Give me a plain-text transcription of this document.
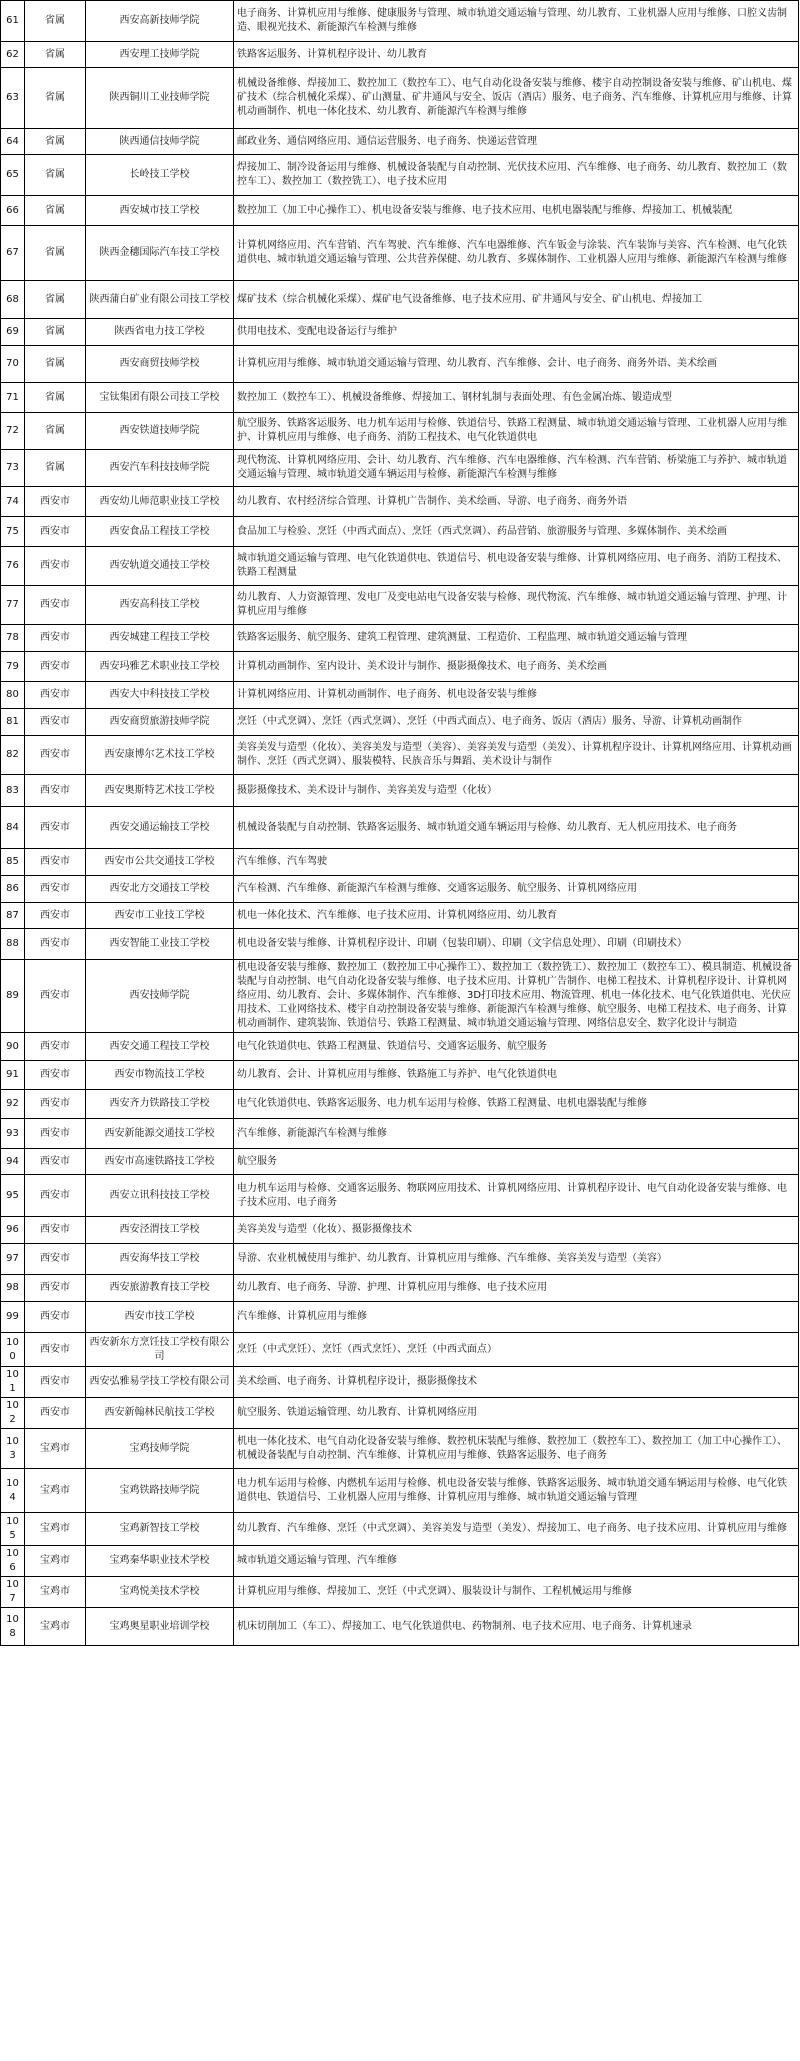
61	省属	西安高新技师学院	电子商务、计算机应用与维修、健康服务与管理、城市轨道交通运输与管理、幼儿教育、工业机器人应用与维修、口腔义齿制造、眼视光技术、新能源汽车检测与维修
62	省属	西安理工技师学院	铁路客运服务、计算机程序设计、幼儿教育
63	省属	陕西铜川工业技师学院	机械设备维修、焊接加工、数控加工（数控车工）、电气自动化设备安装与维修、楼宇自动控制设备安装与维修、矿山机电、煤矿技术（综合机械化采煤）、矿山测量、矿井通风与安全、饭店（酒店）服务、电子商务、汽车维修、计算机应用与维修、计算机动画制作、机电一体化技术、幼儿教育、新能源汽车检测与维修
64	省属	陕西通信技师学院	邮政业务、通信网络应用、通信运营服务、电子商务、快递运营管理
65	省属	长岭技工学校	焊接加工、制冷设备运用与维修、机械设备装配与自动控制、光伏技术应用、汽车维修、电子商务、幼儿教育、数控加工（数控车工）、数控加工（数控铣工）、电子技术应用
66	省属	西安城市技工学校	数控加工（加工中心操作工）、机电设备安装与维修、电子技术应用、电机电器装配与维修、焊接加工、机械装配
67	省属	陕西金穗国际汽车技工学校	计算机网络应用、汽车营销、汽车驾驶、汽车维修、汽车电器维修、汽车钣金与涂装、汽车装饰与美容、汽车检测、电气化铁道供电、城市轨道交通运输与管理、公共营养保健、幼儿教育、多媒体制作、工业机器人应用与维修、新能源汽车检测与维修
68	省属	陕西蒲白矿业有限公司技工学校	煤矿技术（综合机械化采煤）、煤矿电气设备维修、电子技术应用、矿井通风与安全、矿山机电、焊接加工
69	省属	陕西省电力技工学校	供用电技术、变配电设备运行与维护
70	省属	西安商贸技师学校	计算机应用与维修、城市轨道交通运输与管理、幼儿教育、汽车维修、会计、电子商务、商务外语、美术绘画
71	省属	宝钛集团有限公司技工学校	数控加工（数控车工）、机械设备维修、焊接加工、钢材轧制与表面处理、有色金属冶炼、锻造成型
72	省属	西安铁道技师学院	航空服务、铁路客运服务、电力机车运用与检修、铁道信号、铁路工程测量、城市轨道交通运输与管理、工业机器人应用与维护、计算机应用与维修、电子商务、消防工程技术、电气化铁道供电
73	省属	西安汽车科技技师学院	现代物流、计算机网络应用、会计、幼儿教育、汽车维修、汽车电器维修、汽车检测、汽车营销、桥梁施工与养护、城市轨道交通运输与管理、城市轨道交通车辆运用与检修、新能源汽车检测与维修
74	西安市	西安幼儿师范职业技工学校	幼儿教育、农村经济综合管理、计算机广告制作、美术绘画、导游、电子商务、商务外语
75	西安市	西安食品工程技工学校	食品加工与检验、烹饪（中西式面点）、烹饪（西式烹调）、药品营销、旅游服务与管理、多媒体制作、美术绘画
76	西安市	西安轨道交通技工学校	城市轨道交通运输与管理、电气化铁道供电、铁道信号、机电设备安装与维修、计算机网络应用、电子商务、消防工程技术、铁路工程测量
77	西安市	西安高科技工学校	幼儿教育、人力资源管理、发电厂及变电站电气设备安装与检修、现代物流、汽车维修、城市轨道交通运输与管理、护理、计算机应用与维修
78	西安市	西安城建工程技工学校	铁路客运服务、航空服务、建筑工程管理、建筑测量、工程造价、工程监理、城市轨道交通运输与管理
79	西安市	西安玛雅艺术职业技工学校	计算机动画制作、室内设计、美术设计与制作、摄影摄像技术、电子商务、美术绘画
80	西安市	西安大中科技技工学校	计算机网络应用、计算机动画制作、电子商务、机电设备安装与维修
81	西安市	西安商贸旅游技师学院	烹饪（中式烹调）、烹饪（西式烹调）、烹饪（中西式面点）、电子商务、饭店（酒店）服务、导游、计算机动画制作
82	西安市	西安康博尔艺术技工学校	美容美发与造型（化妆）、美容美发与造型（美容）、美容美发与造型（美发）、计算机程序设计、计算机网络应用、计算机动画制作、烹饪（西式烹调）、服装模特、民族音乐与舞蹈、美术设计与制作
83	西安市	西安奥斯特艺术技工学校	摄影摄像技术、美术设计与制作、美容美发与造型（化妆）
84	西安市	西安交通运输技工学校	机械设备装配与自动控制、铁路客运服务、城市轨道交通车辆运用与检修、幼儿教育、无人机应用技术、电子商务
85	西安市	西安市公共交通技工学校	汽车维修、汽车驾驶
86	西安市	西安北方交通技工学校	汽车检测、汽车维修、新能源汽车检测与维修、交通客运服务、航空服务、计算机网络应用
87	西安市	西安市工业技工学校	机电一体化技术、汽车维修、电子技术应用、计算机网络应用、幼儿教育
88	西安市	西安智能工业技工学校	机电设备安装与维修、计算机程序设计、印刷（包装印刷）、印刷（文字信息处理）、印刷（印刷技术）
89	西安市	西安技师学院	机电设备安装与维修、数控加工（数控加工中心操作工）、数控加工（数控铣工）、数控加工（数控车工）、模具制造、机械设备装配与自动控制、电气自动化设备安装与维修、电子技术应用、计算机广告制作、电梯工程技术、计算机程序设计、计算机网络应用、幼儿教育、会计、多媒体制作、汽车维修、3D打印技术应用、物流管理、机电一体化技术、电气化铁道供电、光伏应用技术、工业网络技术、楼宇自动控制设备安装与维修、新能源汽车检测与维修、航空服务、电梯工程技术、电子商务、计算机动画制作、建筑装饰、铁道信号、铁路工程测量、城市轨道交通运输与管理、网络信息安全、数字化设计与制造
90	西安市	西安交通工程技工学校	电气化铁道供电、铁路工程测量、铁道信号、交通客运服务、航空服务
91	西安市	西安市物流技工学校	幼儿教育、会计、计算机应用与维修、铁路施工与养护、电气化铁道供电
92	西安市	西安齐力铁路技工学校	电气化铁道供电、铁路客运服务、电力机车运用与检修、铁路工程测量、电机电器装配与维修
93	西安市	西安新能源交通技工学校	汽车维修、新能源汽车检测与维修
94	西安市	西安市高速铁路技工学校	航空服务
95	西安市	西安立讯科技技工学校	电力机车运用与检修、交通客运服务、物联网应用技术、计算机网络应用、计算机程序设计、电气自动化设备安装与维修、电子技术应用、电子商务
96	西安市	西安泾渭技工学校	美容美发与造型（化妆）、摄影摄像技术
97	西安市	西安海华技工学校	导游、农业机械使用与维护、幼儿教育、计算机应用与维修、汽车维修、美容美发与造型（美容）
98	西安市	西安旅游教育技工学校	幼儿教育、电子商务、导游、护理、计算机应用与维修、电子技术应用
99	西安市	西安市技工学校	汽车维修、计算机应用与维修
100	西安市	西安新东方烹饪技工学校有限公司	烹饪（中式烹饪）、烹饪（西式烹饪）、烹饪（中西式面点）
101	西安市	西安弘雅易学技工学校有限公司	美术绘画、电子商务、计算机程序设计，摄影摄像技术
102	西安市	西安新翰林民航技工学校	航空服务、铁道运输管理、幼儿教育、计算机网络应用
103	宝鸡市	宝鸡技师学院	机电一体化技术、电气自动化设备安装与维修、数控机床装配与维修、数控加工（数控车工）、数控加工（加工中心操作工）、机械设备装配与自动控制、汽车维修、计算机应用与维修、铁路客运服务、电子商务
104	宝鸡市	宝鸡铁路技师学院	电力机车运用与检修、内燃机车运用与检修、机电设备安装与维修、铁路客运服务、城市轨道交通车辆运用与检修、电气化铁道供电、铁道信号、工业机器人应用与维修、计算机应用与维修、城市轨道交通运输与管理
105	宝鸡市	宝鸡新智技工学校	幼儿教育、汽车维修、烹饪（中式烹调）、美容美发与造型（美发）、焊接加工、电子商务、电子技术应用、计算机应用与维修
106	宝鸡市	宝鸡秦华职业技术学校	城市轨道交通运输与管理、汽车维修
107	宝鸡市	宝鸡悦美技术学校	计算机应用与维修、焊接加工、烹饪（中式烹调）、服装设计与制作、工程机械运用与维修
108	宝鸡市	宝鸡奥星职业培训学校	机床切削加工（车工）、焊接加工、电气化铁道供电、药物制剂、电子技术应用、电子商务、计算机速录
